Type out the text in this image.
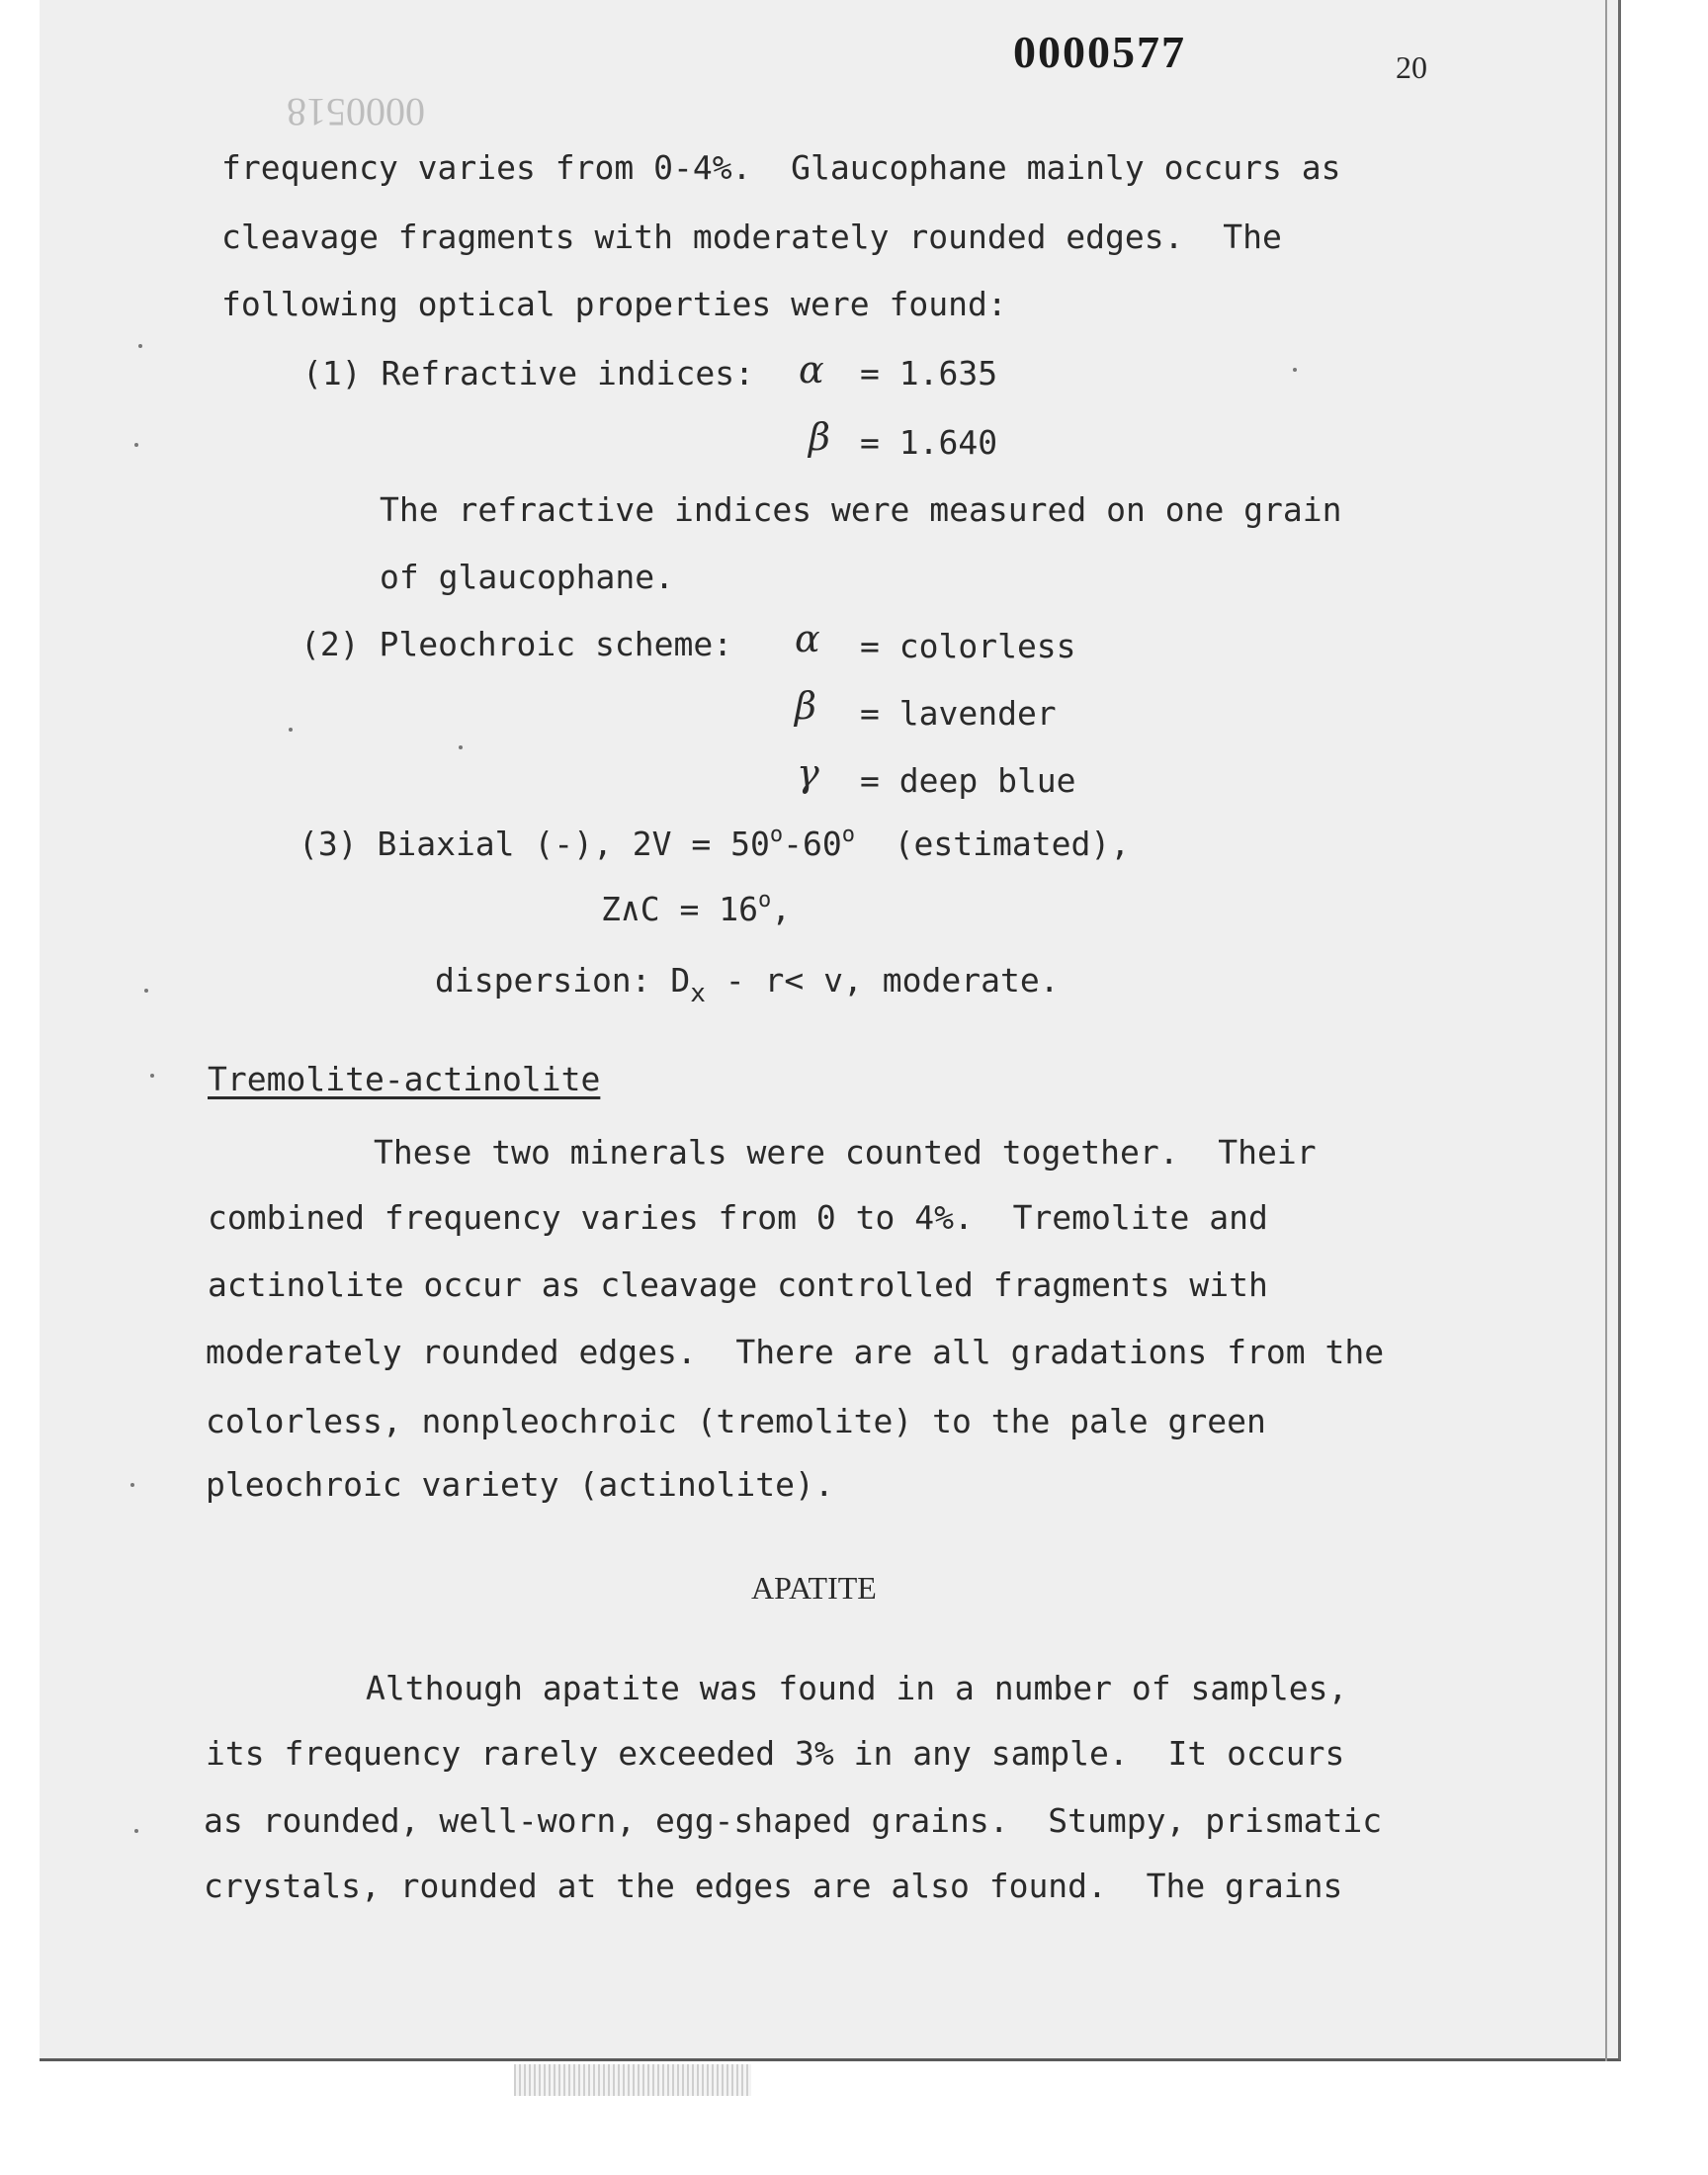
0000577
0000518
20
frequency varies from 0-4%.  Glaucophane mainly occurs as
cleavage fragments with moderately rounded edges.  The
following optical properties were found:
(1) Refractive indices: α = 1.635
β = 1.640
The refractive indices were measured on one grain
of glaucophane.
(2) Pleochroic scheme: α = colorless
β = lavender
γ = deep blue
(3) Biaxial (-), $2V = 50^o-60^o$  (estimated),
Z∧C = $16^o$,
dispersion: $D_x - r< v$, moderate.
Tremolite-actinolite
These two minerals were counted together.  Their
combined frequency varies from 0 to 4%.  Tremolite and
actinolite occur as cleavage controlled fragments with
moderately rounded edges.  There are all gradations from the
colorless, nonpleochroic (tremolite) to the pale green
pleochroic variety (actinolite).
APATITE
Although apatite was found in a number of samples,
its frequency rarely exceeded 3% in any sample.  It occurs
as rounded, well-worn, egg-shaped grains.  Stumpy, prismatic
crystals, rounded at the edges are also found.  The grains
